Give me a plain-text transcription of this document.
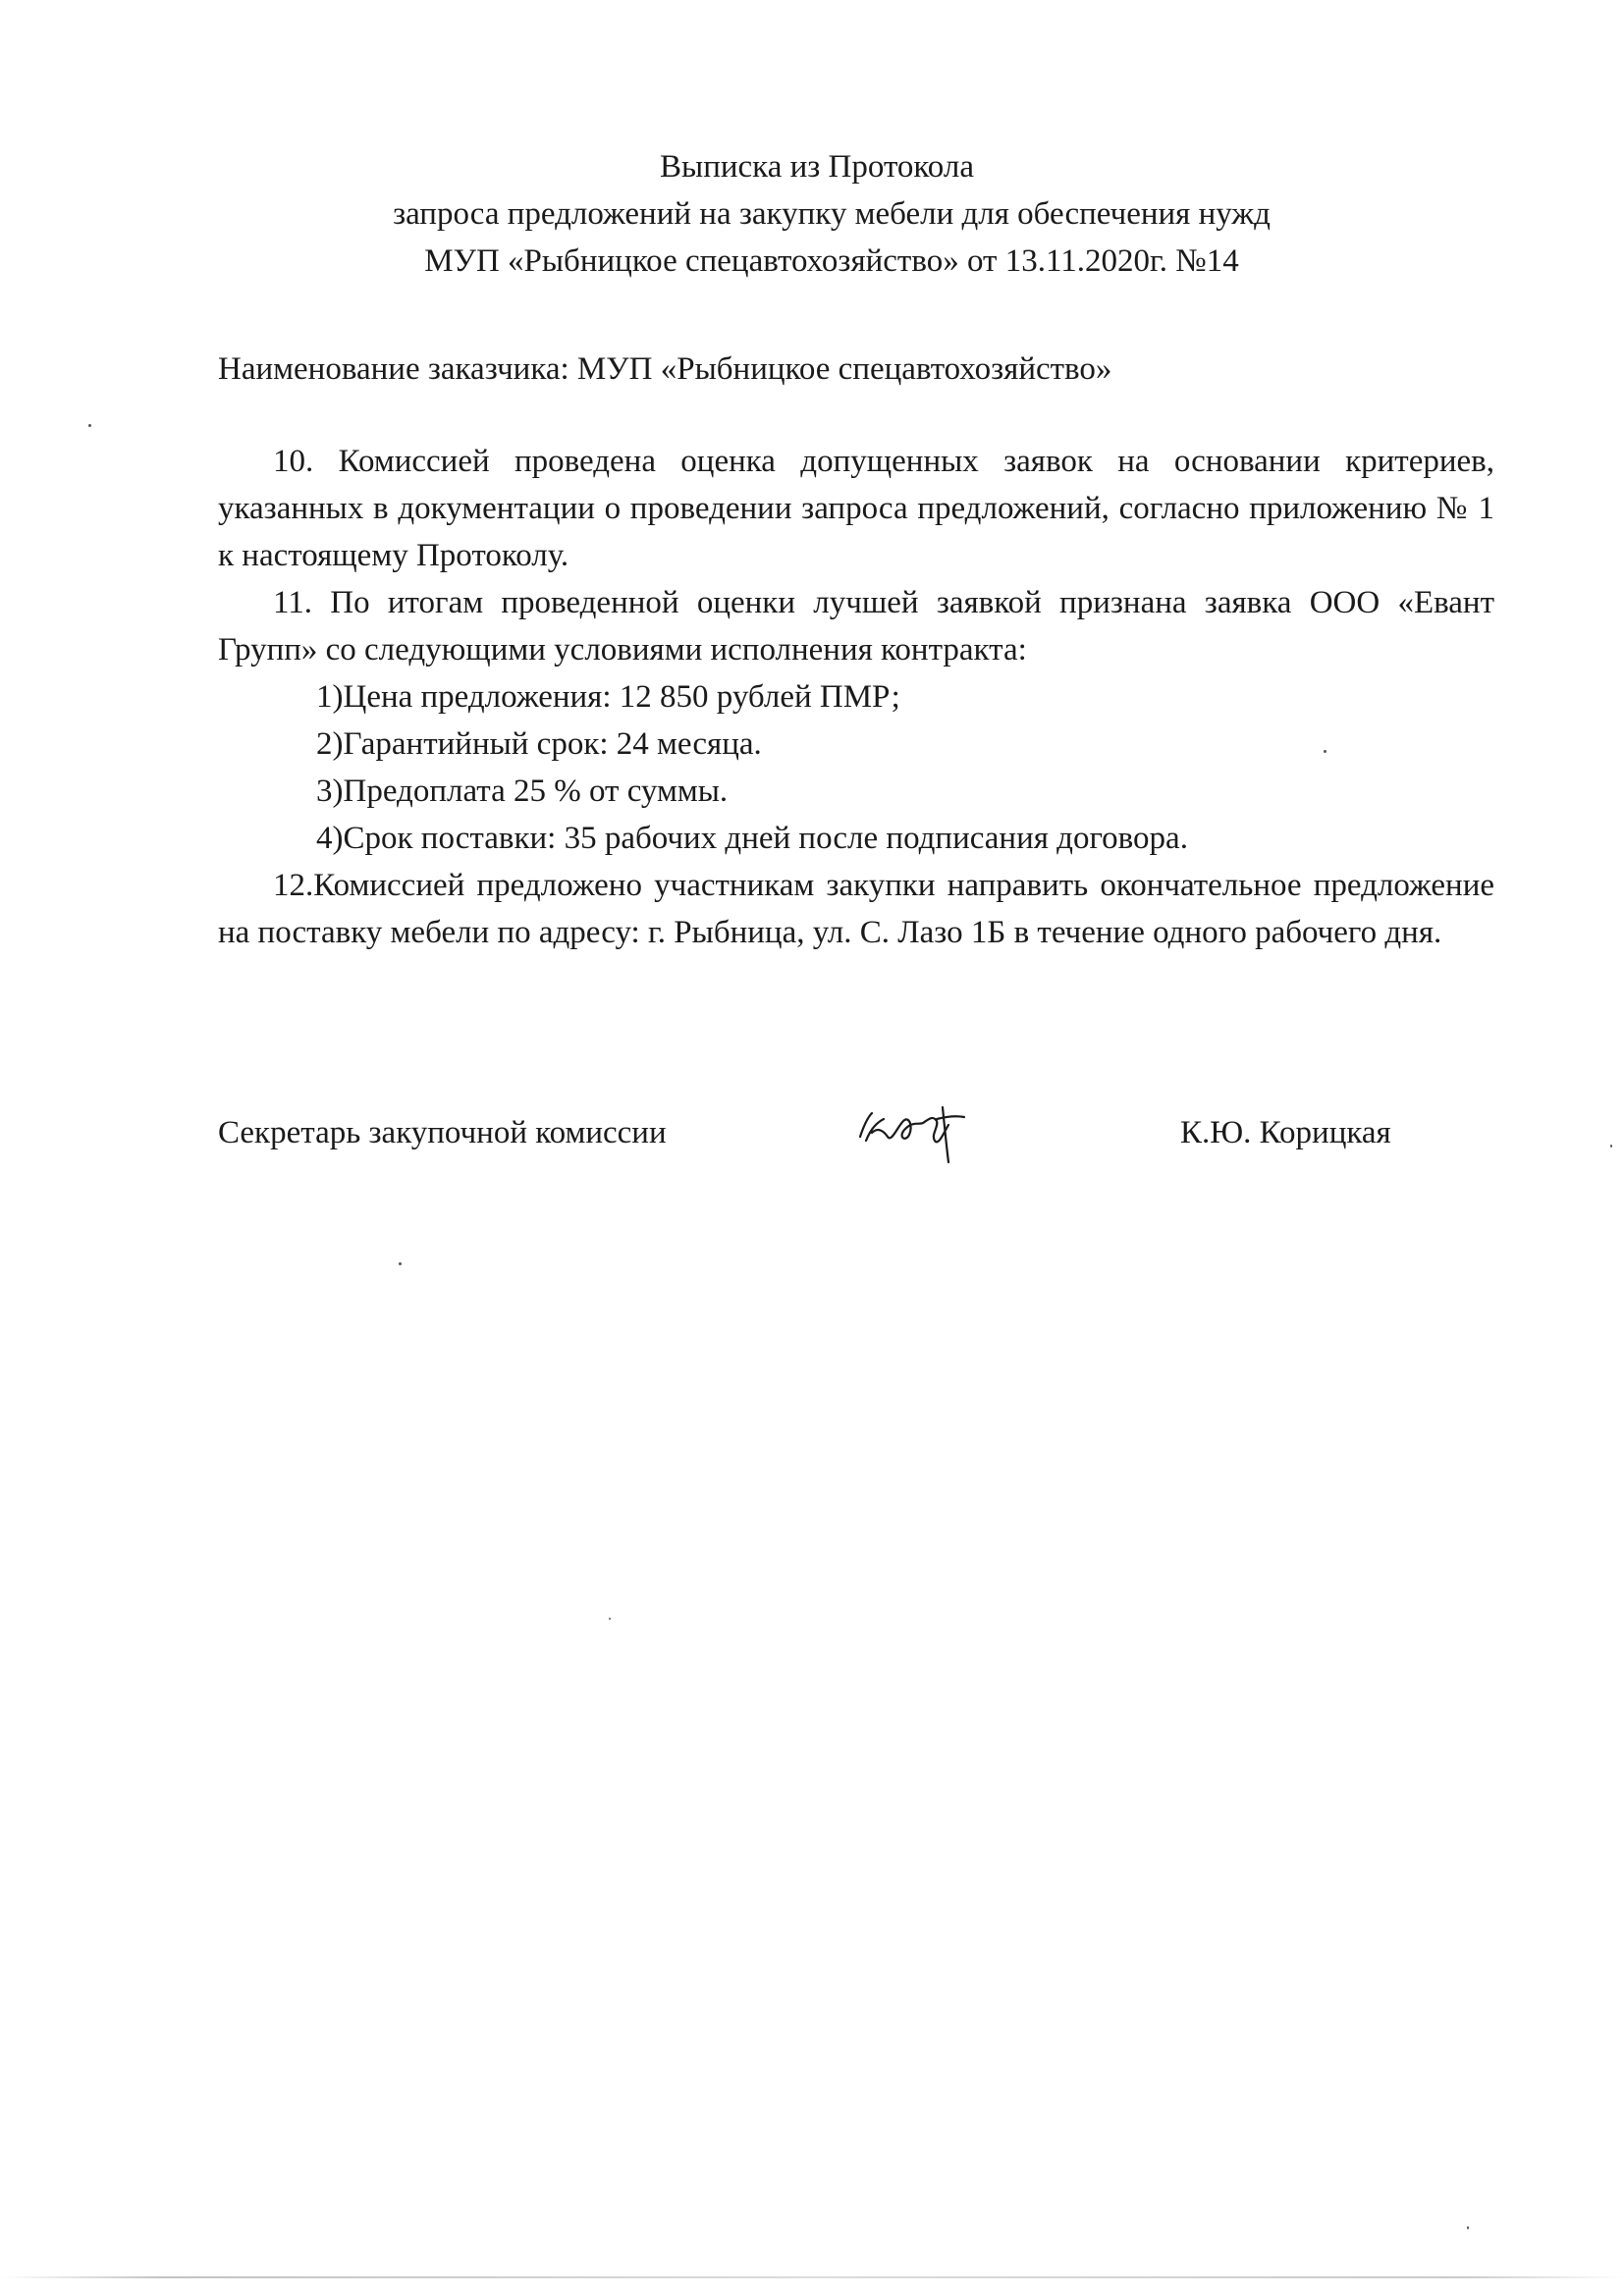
Выписка из Протокола
запроса предложений на закупку мебели для обеспечения нужд
МУП «Рыбницкое спецавтохозяйство» от 13.11.2020г. №14
Наименование заказчика: МУП «Рыбницкое спецавтохозяйство»

10. Комиссией проведена оценка допущенных заявок на основании критериев, указанных в документации о проведении запроса предложений, согласно приложению № 1 к настоящему Протоколу.

11. По итогам проведенной оценки лучшей заявкой признана заявка ООО «Евант Групп» со следующими условиями исполнения контракта:

1)Цена предложения: 12 850 рублей ПМР;

2)Гарантийный срок: 24 месяца.

3)Предоплата 25 % от суммы.

4)Срок поставки: 35 рабочих дней после подписания договора.

12.Комиссией предложено участникам закупки направить окончательное предложение на поставку мебели по адресу: г. Рыбница, ул. С. Лазо 1Б в течение одного рабочего дня.

Секретарь закупочной комиссии	К.Ю. Корицкая
